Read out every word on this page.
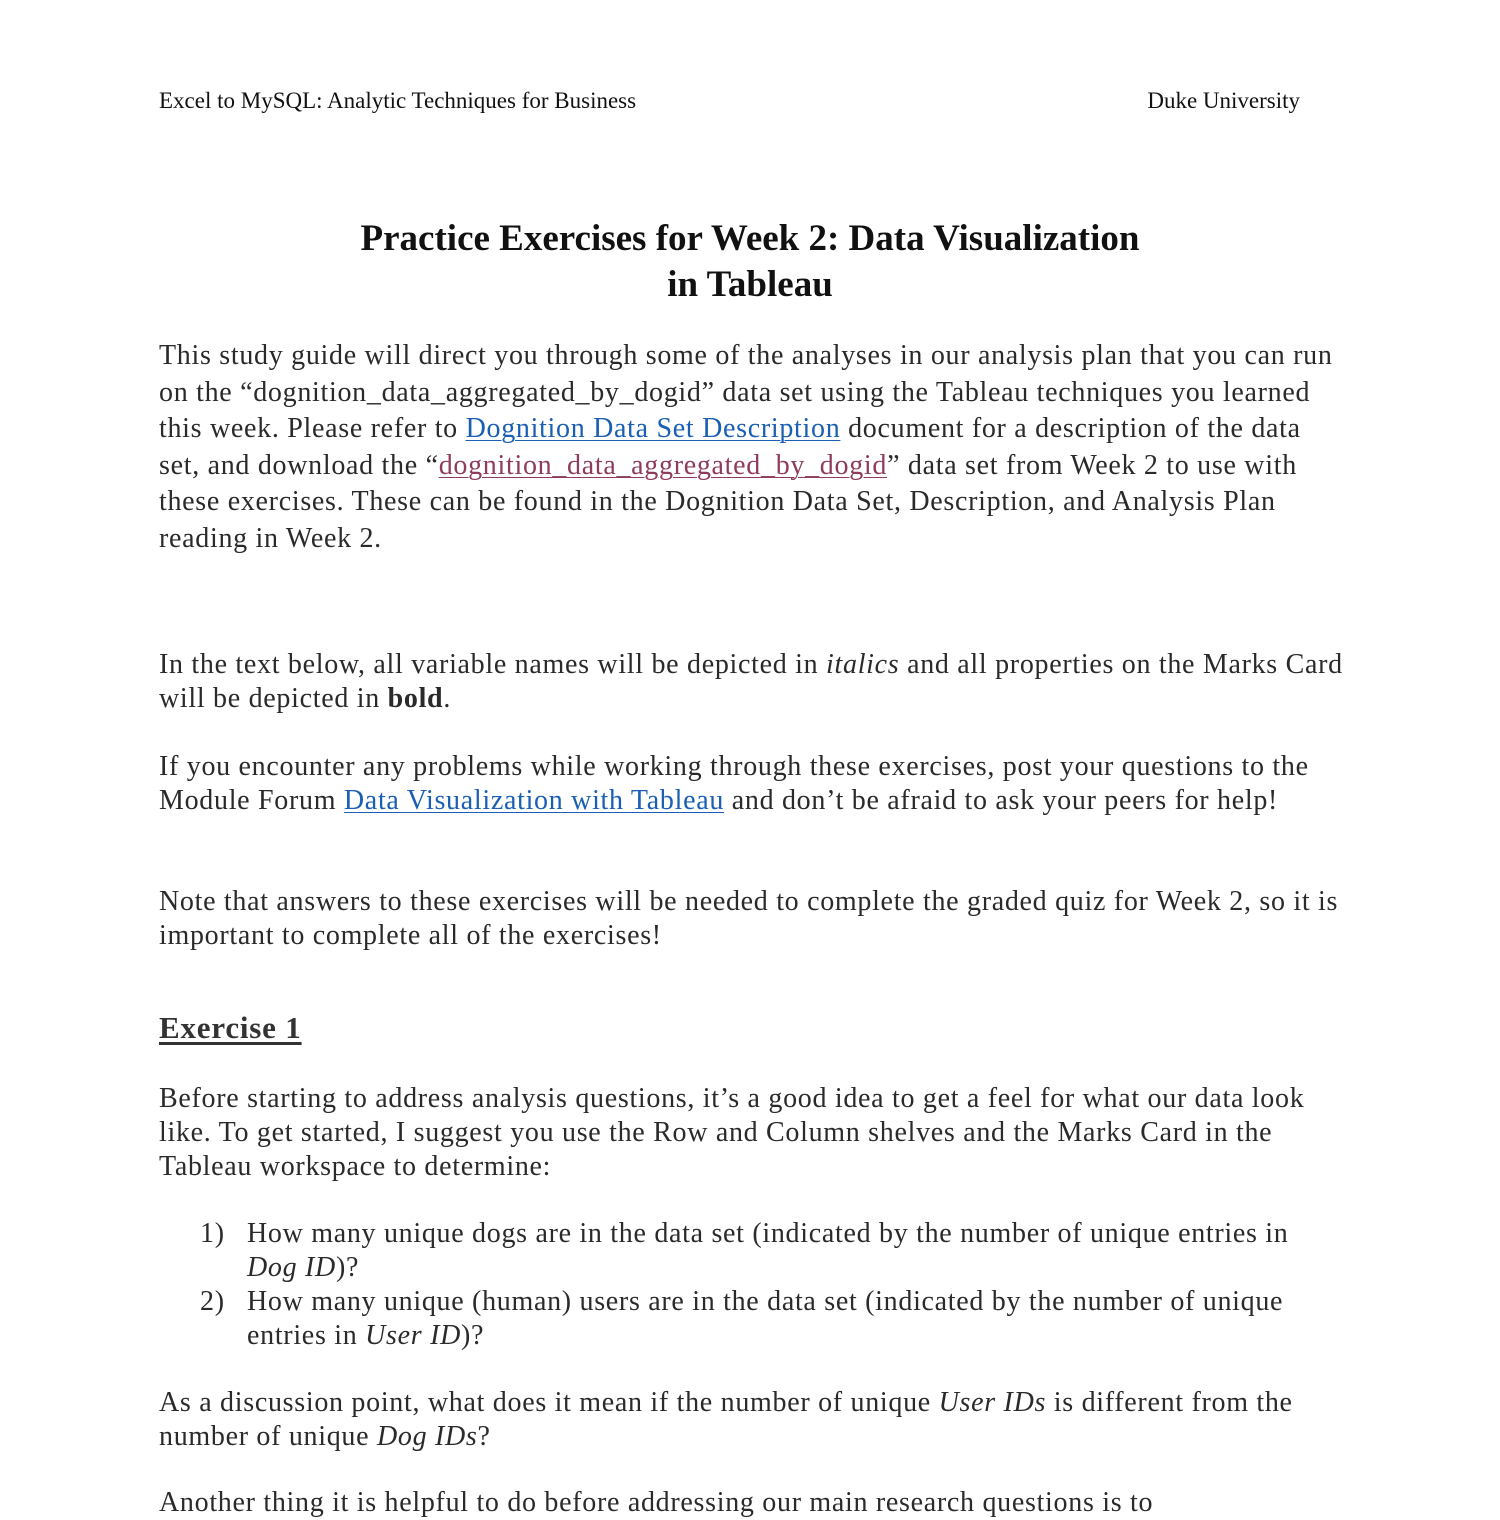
Excel to MySQL: Analytic Techniques for Business	Duke University
Practice Exercises for Week 2: Data Visualization
in Tableau
This study guide will direct you through some of the analyses in our analysis plan that you can run on the “dognition_data_aggregated_by_dogid” data set using the Tableau techniques you learned this week. Please refer to Dognition Data Set Description document for a description of the data set, and download the “dognition_data_aggregated_by_dogid” data set from Week 2 to use with these exercises. These can be found in the Dognition Data Set, Description, and Analysis Plan reading in Week 2.
In the text below, all variable names will be depicted in italics and all properties on the Marks Card will be depicted in bold.
If you encounter any problems while working through these exercises, post your questions to the Module Forum Data Visualization with Tableau and don’t be afraid to ask your peers for help!
Note that answers to these exercises will be needed to complete the graded quiz for Week 2, so it is important to complete all of the exercises!
Exercise 1
Before starting to address analysis questions, it’s a good idea to get a feel for what our data look like. To get started, I suggest you use the Row and Column shelves and the Marks Card in the Tableau workspace to determine:
1) How many unique dogs are in the data set (indicated by the number of unique entries in Dog ID)?
2) How many unique (human) users are in the data set (indicated by the number of unique entries in User ID)?
As a discussion point, what does it mean if the number of unique User IDs is different from the number of unique Dog IDs?
Another thing it is helpful to do before addressing our main research questions is to
